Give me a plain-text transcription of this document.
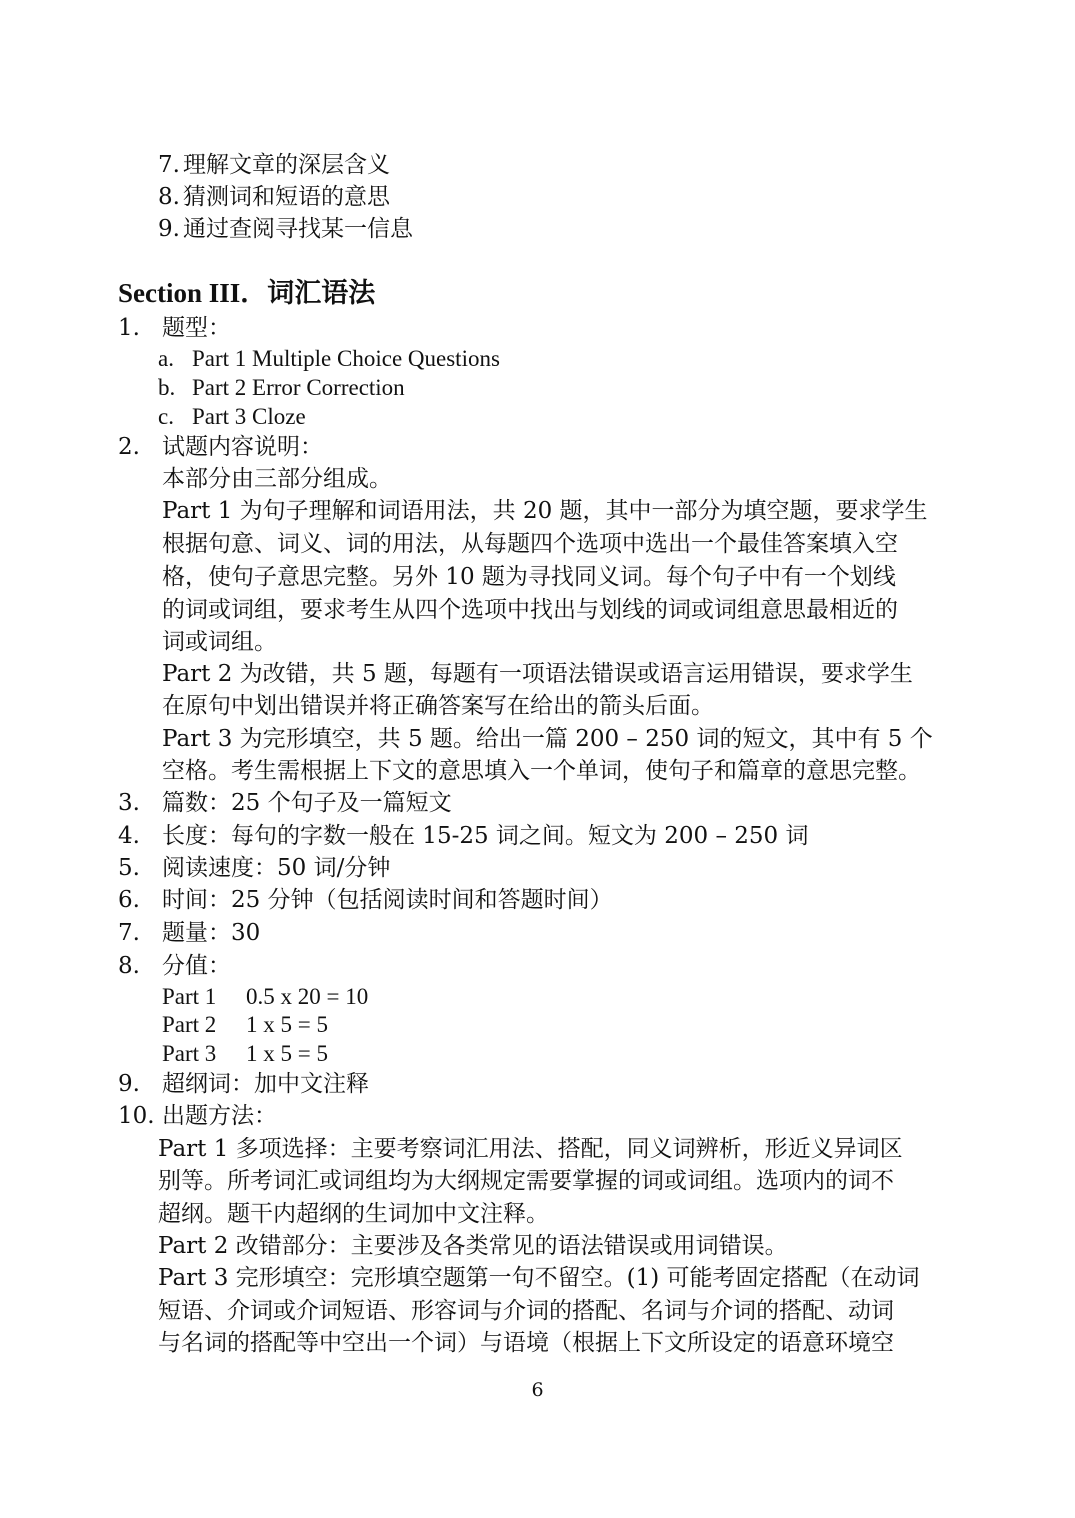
7. 理解文章的深层含义
8. 猜测词和短语的意思
9. 通过查阅寻找某一信息
Section III．词汇语法
1. 题型：
a. Part 1 Multiple Choice Questions
b. Part 2 Error Correction
c. Part 3 Cloze
2. 试题内容说明：
本部分由三部分组成。
Part 1 为句子理解和词语用法，共 20 题，其中一部分为填空题，要求学生
根据句意、词义、词的用法，从每题四个选项中选出一个最佳答案填入空
格，使句子意思完整。另外 10 题为寻找同义词。每个句子中有一个划线
的词或词组，要求考生从四个选项中找出与划线的词或词组意思最相近的
词或词组。
Part 2 为改错，共 5 题，每题有一项语法错误或语言运用错误，要求学生
在原句中划出错误并将正确答案写在给出的箭头后面。
Part 3 为完形填空，共 5 题。给出一篇 200 – 250 词的短文，其中有 5 个
空格。考生需根据上下文的意思填入一个单词，使句子和篇章的意思完整。
3. 篇数：25 个句子及一篇短文
4. 长度：每句的字数一般在 15-25 词之间。短文为 200 – 250 词
5. 阅读速度：50 词/分钟
6. 时间：25 分钟（包括阅读时间和答题时间）
7. 题量：30
8. 分值：
Part 1 0.5 x 20 = 10
Part 2 1 x 5 = 5
Part 3 1 x 5 = 5
9. 超纲词：加中文注释
10. 出题方法：
Part 1 多项选择：主要考察词汇用法、搭配，同义词辨析，形近义异词区
别等。所考词汇或词组均为大纲规定需要掌握的词或词组。选项内的词不
超纲。题干内超纲的生词加中文注释。
Part 2 改错部分：主要涉及各类常见的语法错误或用词错误。
Part 3 完形填空：完形填空题第一句不留空。(1) 可能考固定搭配（在动词
短语、介词或介词短语、形容词与介词的搭配、名词与介词的搭配、动词
与名词的搭配等中空出一个词）与语境（根据上下文所设定的语意环境空
6
